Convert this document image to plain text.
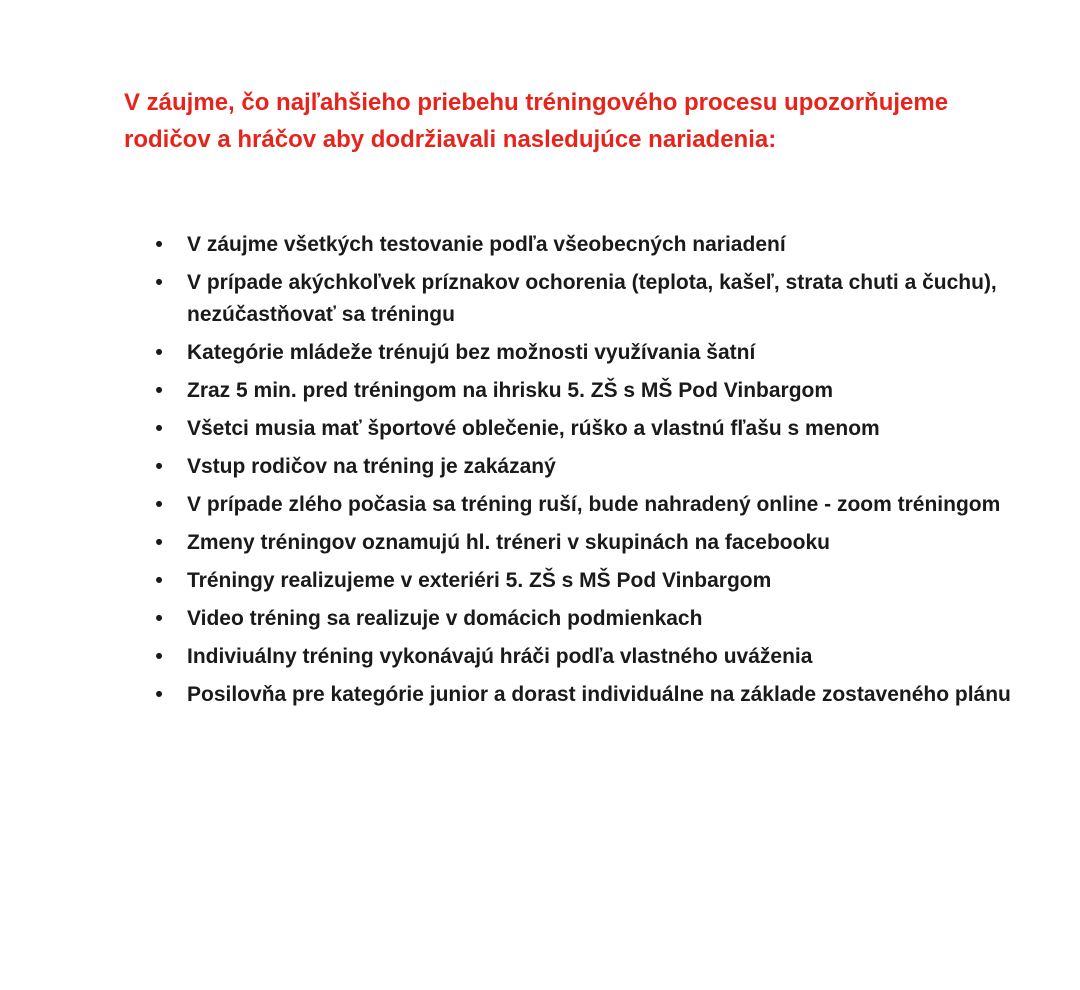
V záujme, čo najľahšieho priebehu tréningového procesu upozorňujeme rodičov a hráčov aby dodržiavali nasledujúce nariadenia:

• V záujme všetkých testovanie podľa všeobecných nariadení
• V prípade akýchkoľvek príznakov ochorenia (teplota, kašeľ, strata chuti a čuchu), nezúčastňovať sa tréningu
• Kategórie mládeže trénujú bez možnosti využívania šatní
• Zraz 5 min. pred tréningom na ihrisku 5. ZŠ s MŠ Pod Vinbargom
• Všetci musia mať športové oblečenie, rúško a vlastnú fľašu s menom
• Vstup rodičov na tréning je zakázaný
• V prípade zlého počasia sa tréning ruší, bude nahradený online - zoom tréningom
• Zmeny tréningov oznamujú hl. tréneri v skupinách na facebooku
• Tréningy realizujeme v exteriéri 5. ZŠ s MŠ Pod Vinbargom
• Video tréning sa realizuje v domácich podmienkach
• Indiviuálny tréning vykonávajú hráči podľa vlastného uváženia
• Posilovňa pre kategórie junior a dorast individuálne na základe zostaveného plánu
